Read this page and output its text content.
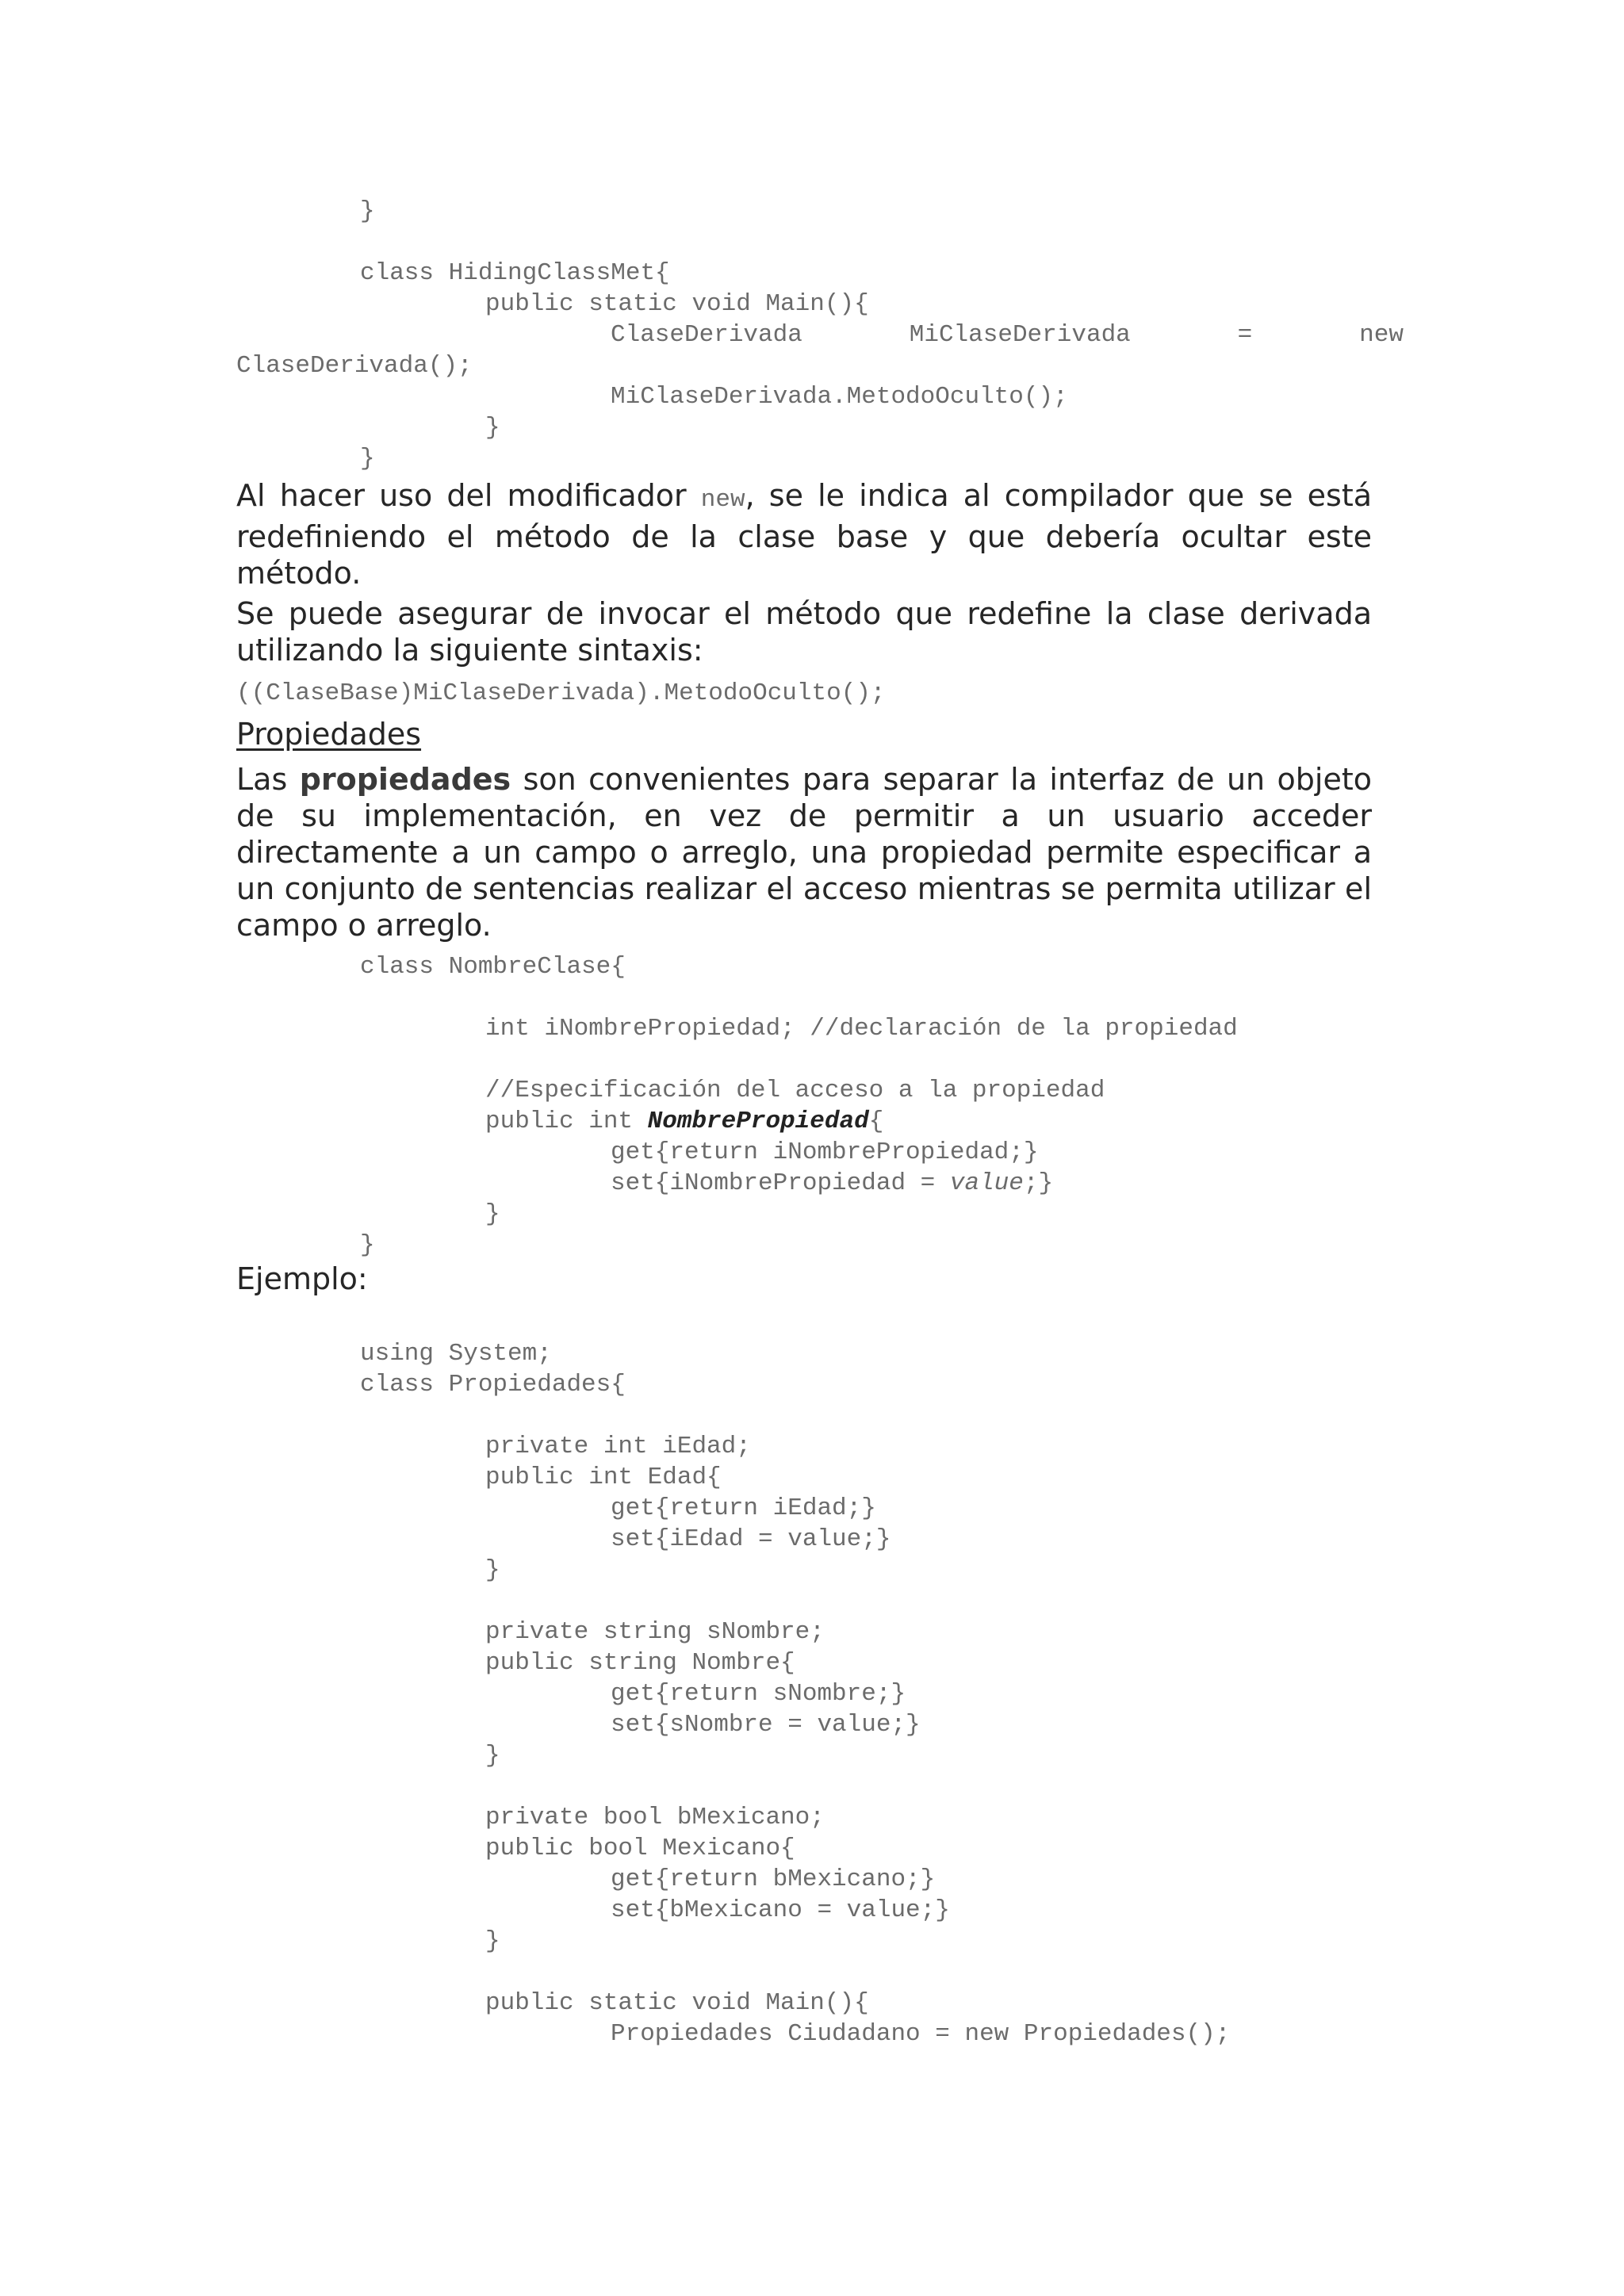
}
class HidingClassMet{
public static void Main(){
ClaseDerivada	MiClaseDerivada	=	new
ClaseDerivada();
MiClaseDerivada.MetodoOculto();
}
}

Al hacer uso del modificador new, se le indica al compilador que se está redefiniendo el método de la clase base y que debería ocultar este método.

Se puede asegurar de invocar el método que redefine la clase derivada utilizando la siguiente sintaxis:

((ClaseBase)MiClaseDerivada).MetodoOculto();

Propiedades

Las propiedades son convenientes para separar la interfaz de un objeto de su implementación, en vez de permitir a un usuario acceder directamente a un campo o arreglo, una propiedad permite especificar a un conjunto de sentencias realizar el acceso mientras se permita utilizar el campo o arreglo.

class NombreClase{
int iNombrePropiedad; //declaración de la propiedad
//Especificación del acceso a la propiedad
public int NombrePropiedad{
get{return iNombrePropiedad;}
set{iNombrePropiedad = value;}
}
}

Ejemplo:

using System;
class Propiedades{
private int iEdad;
public int Edad{
get{return iEdad;}
set{iEdad = value;}
}
private string sNombre;
public string Nombre{
get{return sNombre;}
set{sNombre = value;}
}
private bool bMexicano;
public bool Mexicano{
get{return bMexicano;}
set{bMexicano = value;}
}
public static void Main(){
Propiedades Ciudadano = new Propiedades();
